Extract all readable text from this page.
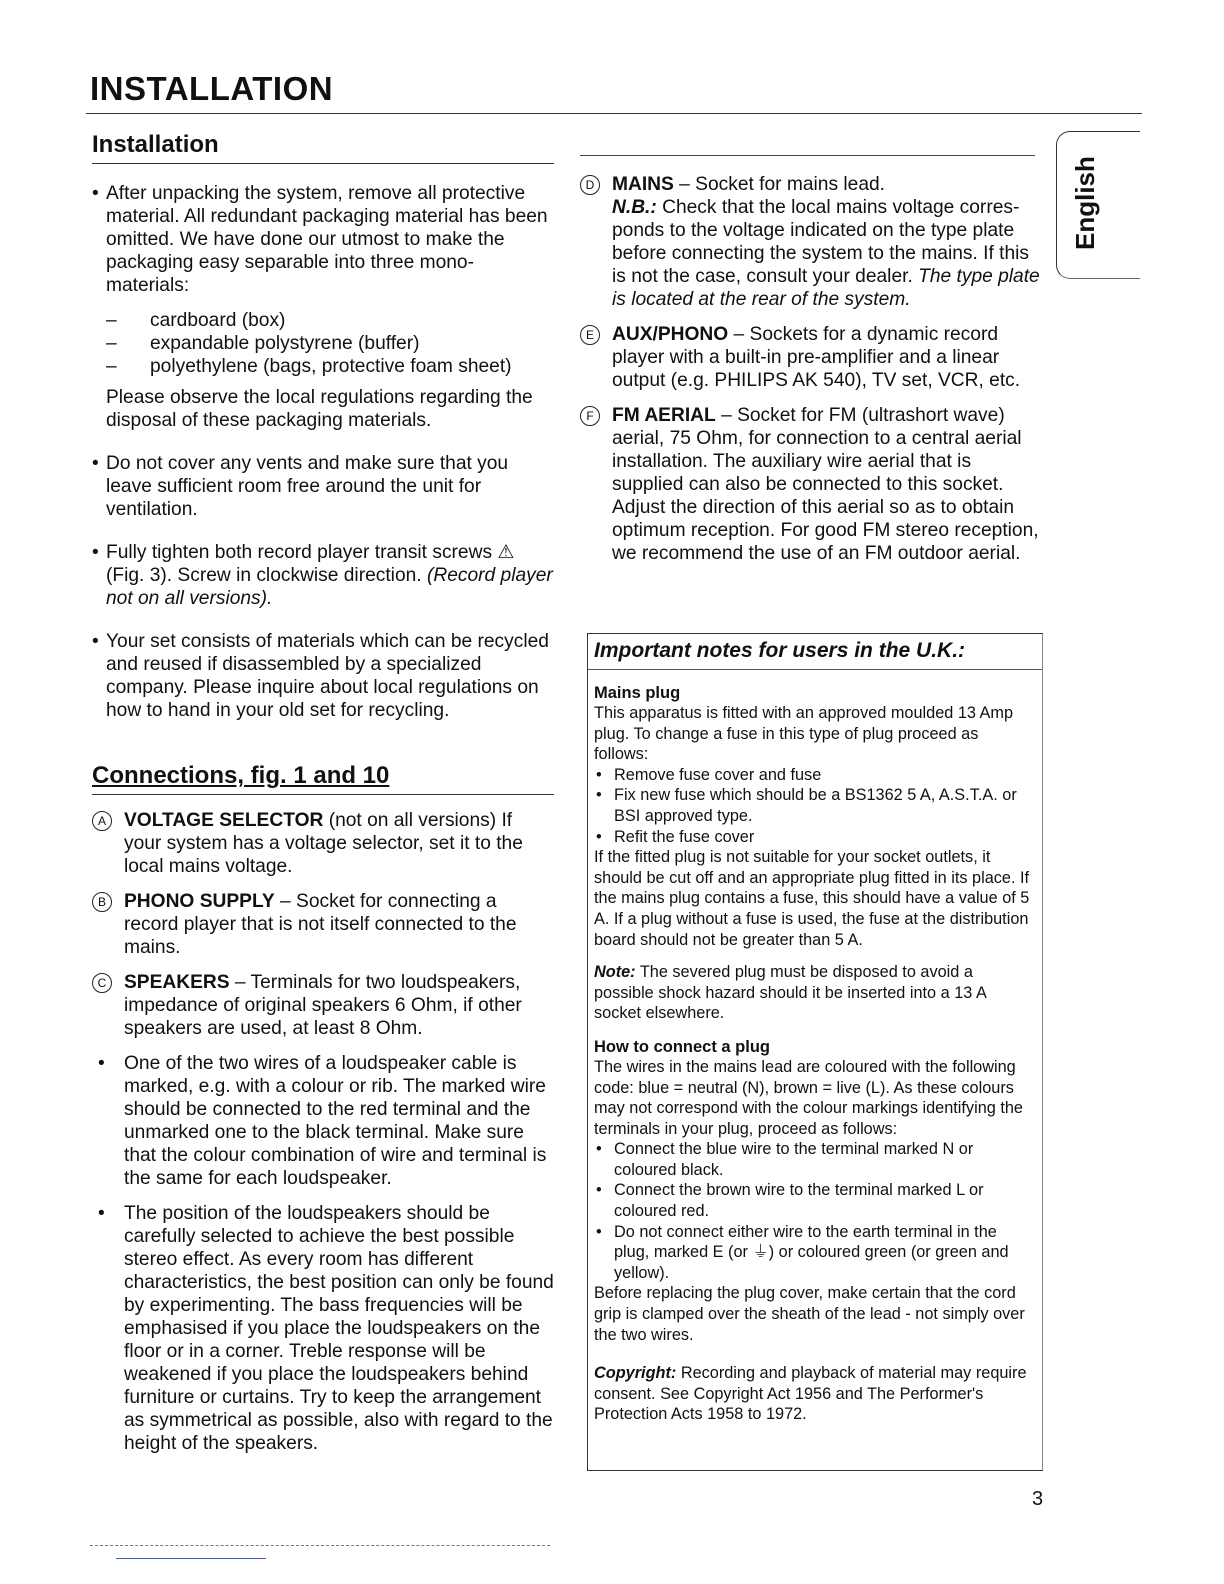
INSTALLATION
English
Installation

• After unpacking the system, remove all protective material. All redundant packaging material has been omitted. We have done our utmost to make the packaging easy separable into three mono-materials:

– cardboard (box)
– expandable polystyrene (buffer)
– polyethylene (bags, protective foam sheet)

Please observe the local regulations regarding the disposal of these packaging materials.

• Do not cover any vents and make sure that you leave sufficient room free around the unit for ventilation.

• Fully tighten both record player transit screws ⚠ (Fig. 3). Screw in clockwise direction. (Record player not on all versions).

• Your set consists of materials which can be recycled and reused if disassembled by a specialized company. Please inquire about local regulations on how to hand in your old set for recycling.

Connections, fig. 1 and 10
A VOLTAGE SELECTOR (not on all versions) If your system has a voltage selector, set it to the local mains voltage.
B PHONO SUPPLY – Socket for connecting a record player that is not itself connected to the mains.
C SPEAKERS – Terminals for two loudspeakers, impedance of original speakers 6 Ohm, if other speakers are used, at least 8 Ohm.

• One of the two wires of a loudspeaker cable is marked, e.g. with a colour or rib. The marked wire should be connected to the red terminal and the unmarked one to the black terminal. Make sure that the colour combination of wire and terminal is the same for each loudspeaker.

• The position of the loudspeakers should be carefully selected to achieve the best possible stereo effect. As every room has different characteristics, the best position can only be found by experimenting. The bass frequencies will be emphasised if you place the loudspeakers on the floor or in a corner. Treble response will be weakened if you place the loudspeakers behind furniture or curtains. Try to keep the arrangement as symmetrical as possible, also with regard to the height of the speakers.

D MAINS – Socket for mains lead.
N.B.: Check that the local mains voltage corres-ponds to the voltage indicated on the type plate before connecting the system to the mains. If this is not the case, consult your dealer. The type plate is located at the rear of the system.
E AUX/PHONO – Sockets for a dynamic record player with a built-in pre-amplifier and a linear output (e.g. PHILIPS AK 540), TV set, VCR, etc.
F FM AERIAL – Socket for FM (ultrashort wave) aerial, 75 Ohm, for connection to a central aerial installation. The auxiliary wire aerial that is supplied can also be connected to this socket. Adjust the direction of this aerial so as to obtain optimum reception. For good FM stereo reception, we recommend the use of an FM outdoor aerial.
Important notes for users in the U.K.:
Mains plug

This apparatus is fitted with an approved moulded 13 Amp plug. To change a fuse in this type of plug proceed as follows:

• Remove fuse cover and fuse
• Fix new fuse which should be a BS1362 5 A, A.S.T.A. or BSI approved type.
• Refit the fuse cover

If the fitted plug is not suitable for your socket outlets, it should be cut off and an appropriate plug fitted in its place. If the mains plug contains a fuse, this should have a value of 5 A. If a plug without a fuse is used, the fuse at the distribution board should not be greater than 5 A.

Note: The severed plug must be disposed to avoid a possible shock hazard should it be inserted into a 13 A socket elsewhere.

How to connect a plug

The wires in the mains lead are coloured with the following code: blue = neutral (N), brown = live (L). As these colours may not correspond with the colour markings identifying the terminals in your plug, proceed as follows:

• Connect the blue wire to the terminal marked N or coloured black.
• Connect the brown wire to the terminal marked L or coloured red.
• Do not connect either wire to the earth terminal in the plug, marked E (or ⏚) or coloured green (or green and yellow).

Before replacing the plug cover, make certain that the cord grip is clamped over the sheath of the lead - not simply over the two wires.

Copyright: Recording and playback of material may require consent. See Copyright Act 1956 and The Performer's Protection Acts 1958 to 1972.

3
